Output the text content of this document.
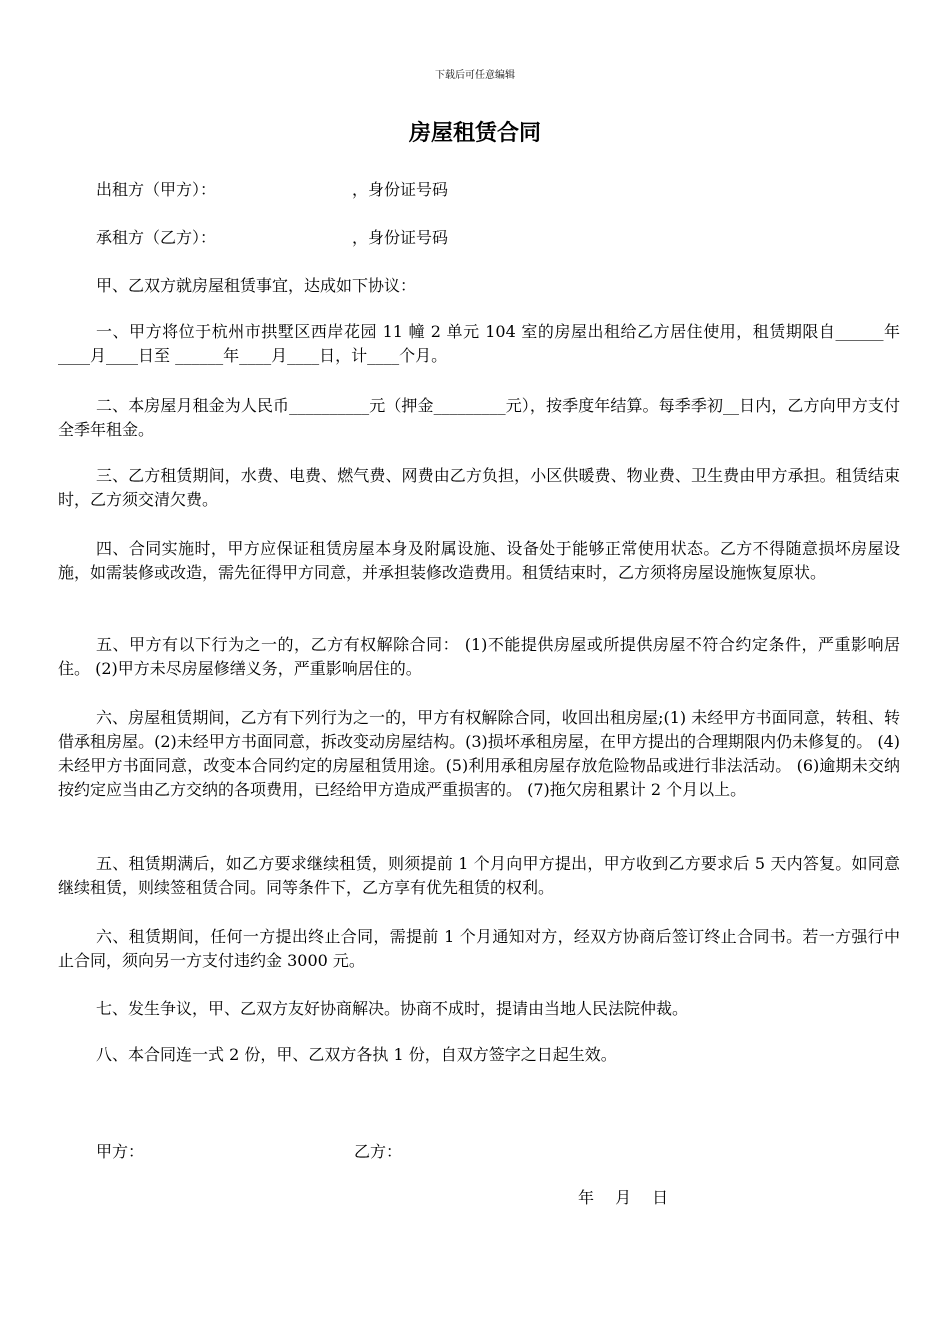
下载后可任意编辑
房屋租赁合同
出租方（甲方）：	，身份证号码
承租方（乙方）：	，身份证号码
甲、乙双方就房屋租赁事宜，达成如下协议：
一、甲方将位于杭州市拱墅区西岸花园 11 幢 2 单元 104 室的房屋出租给乙方居住使用，租赁期限自______年____月____日至 ______年____月____日，计____个月。
二、本房屋月租金为人民币__________元（押金_________元），按季度年结算。每季季初__日内，乙方向甲方支付全季年租金。
三、乙方租赁期间，水费、电费、燃气费、网费由乙方负担，小区供暖费、物业费、卫生费由甲方承担。租赁结束时，乙方须交清欠费。
四、合同实施时，甲方应保证租赁房屋本身及附属设施、设备处于能够正常使用状态。乙方不得随意损坏房屋设施，如需装修或改造，需先征得甲方同意，并承担装修改造费用。租赁结束时，乙方须将房屋设施恢复原状。
五、甲方有以下行为之一的，乙方有权解除合同： (1)不能提供房屋或所提供房屋不符合约定条件，严重影响居住。 (2)甲方未尽房屋修缮义务，严重影响居住的。
六、房屋租赁期间，乙方有下列行为之一的，甲方有权解除合同，收回出租房屋;(1) 未经甲方书面同意，转租、转借承租房屋。(2)未经甲方书面同意，拆改变动房屋结构。(3)损坏承租房屋，在甲方提出的合理期限内仍未修复的。 (4) 未经甲方书面同意，改变本合同约定的房屋租赁用途。(5)利用承租房屋存放危险物品或进行非法活动。 (6)逾期未交纳按约定应当由乙方交纳的各项费用，已经给甲方造成严重损害的。 (7)拖欠房租累计 2 个月以上。
五、租赁期满后，如乙方要求继续租赁，则须提前 1 个月向甲方提出，甲方收到乙方要求后 5 天内答复。如同意继续租赁，则续签租赁合同。同等条件下，乙方享有优先租赁的权利。
六、租赁期间，任何一方提出终止合同，需提前 1 个月通知对方，经双方协商后签订终止合同书。若一方强行中止合同，须向另一方支付违约金 3000 元。
七、发生争议，甲、乙双方友好协商解决。协商不成时，提请由当地人民法院仲裁。
八、本合同连一式 2 份，甲、乙双方各执 1 份，自双方签字之日起生效。
甲方：	乙方：
年　 月　 日
